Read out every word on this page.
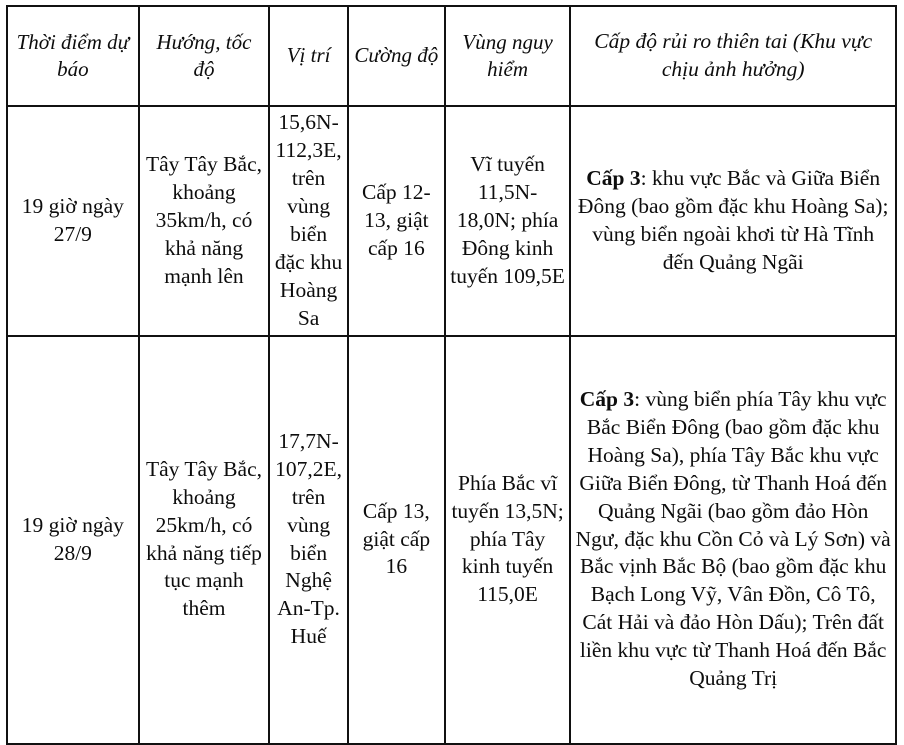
Thời điểm dự báo	Hướng, tốc độ	Vị trí	Cường độ	Vùng nguy hiểm	Cấp độ rủi ro thiên tai (Khu vực chịu ảnh hưởng)
19 giờ ngày 27/9	Tây Tây Bắc, khoảng 35km/h, có khả năng mạnh lên	15,6N-112,3E, trên vùng biển đặc khu Hoàng Sa	Cấp 12-13, giật cấp 16	Vĩ tuyến 11,5N-18,0N; phía Đông kinh tuyến 109,5E	Cấp 3: khu vực Bắc và Giữa Biển Đông (bao gồm đặc khu Hoàng Sa); vùng biển ngoài khơi từ Hà Tĩnh đến Quảng Ngãi
19 giờ ngày 28/9	Tây Tây Bắc, khoảng 25km/h, có khả năng tiếp tục mạnh thêm	17,7N-107,2E, trên vùng biển Nghệ An-Tp. Huế	Cấp 13, giật cấp 16	Phía Bắc vĩ tuyến 13,5N; phía Tây kinh tuyến 115,0E	Cấp 3: vùng biển phía Tây khu vực Bắc Biển Đông (bao gồm đặc khu Hoàng Sa), phía Tây Bắc khu vực Giữa Biển Đông, từ Thanh Hoá đến Quảng Ngãi (bao gồm đảo Hòn Ngư, đặc khu Cồn Cỏ và Lý Sơn) và Bắc vịnh Bắc Bộ (bao gồm đặc khu Bạch Long Vỹ, Vân Đồn, Cô Tô, Cát Hải và đảo Hòn Dấu); Trên đất liền khu vực từ Thanh Hoá đến Bắc Quảng Trị
